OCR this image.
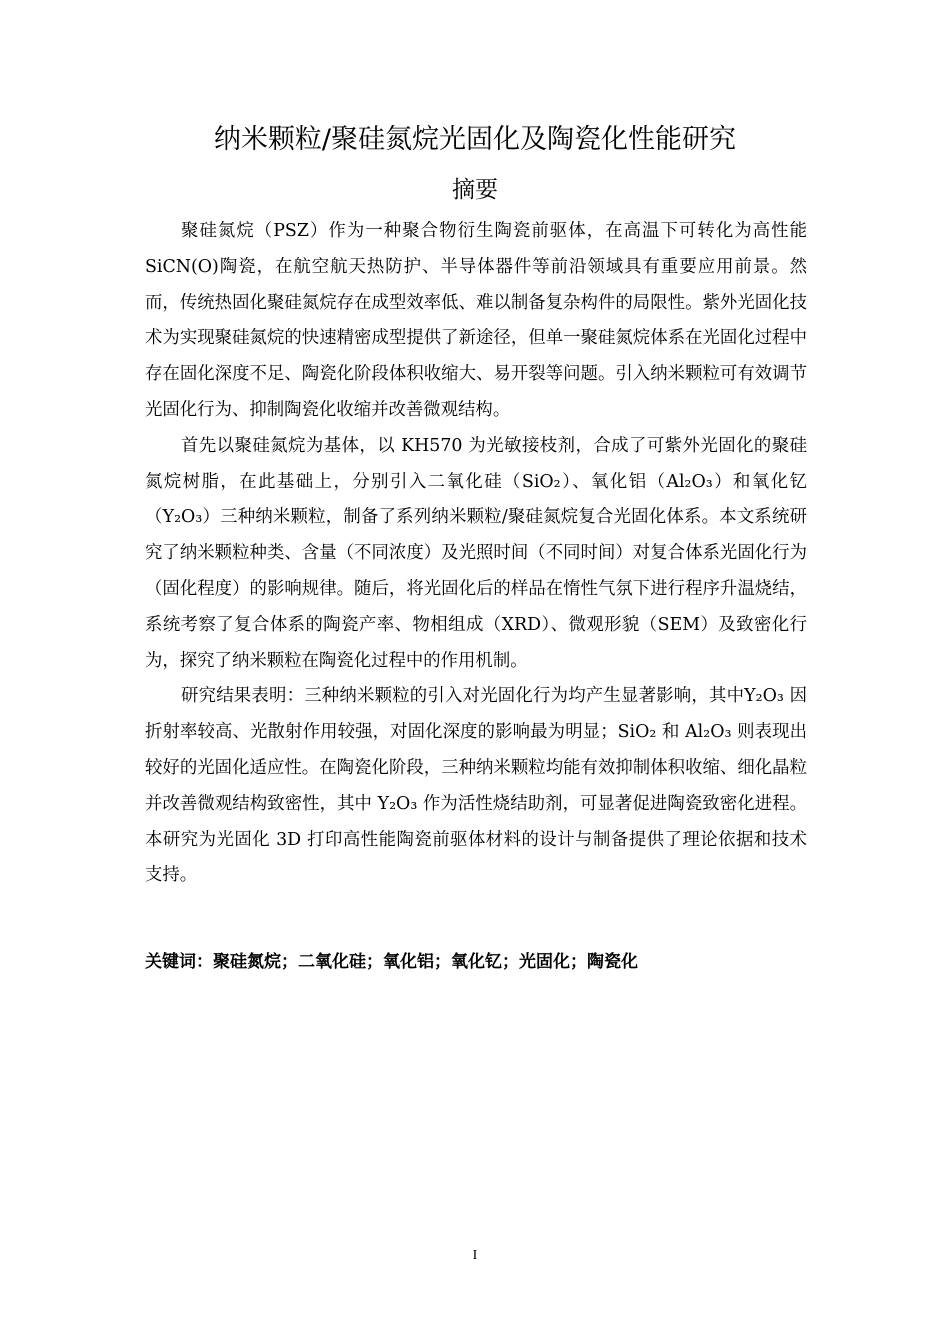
纳米颗粒/聚硅氮烷光固化及陶瓷化性能研究
摘要

聚硅氮烷（PSZ）作为一种聚合物衍生陶瓷前驱体，在高温下可转化为高性能 SiCN(O)陶瓷，在航空航天热防护、半导体器件等前沿领域具有重要应用前景。然而，传统热固化聚硅氮烷存在成型效率低、难以制备复杂构件的局限性。紫外光固化技术为实现聚硅氮烷的快速精密成型提供了新途径，但单一聚硅氮烷体系在光固化过程中存在固化深度不足、陶瓷化阶段体积收缩大、易开裂等问题。引入纳米颗粒可有效调节光固化行为、抑制陶瓷化收缩并改善微观结构。

首先以聚硅氮烷为基体，以 KH570 为光敏接枝剂，合成了可紫外光固化的聚硅氮烷树脂，在此基础上，分别引入二氧化硅（SiO₂）、氧化铝（Al₂O₃）和氧化钇（Y₂O₃）三种纳米颗粒，制备了系列纳米颗粒/聚硅氮烷复合光固化体系。本文系统研究了纳米颗粒种类、含量（不同浓度）及光照时间（不同时间）对复合体系光固化行为（固化程度）的影响规律。随后，将光固化后的样品在惰性气氛下进行程序升温烧结，系统考察了复合体系的陶瓷产率、物相组成（XRD）、微观形貌（SEM）及致密化行为，探究了纳米颗粒在陶瓷化过程中的作用机制。

研究结果表明：三种纳米颗粒的引入对光固化行为均产生显著影响，其中Y₂O₃ 因折射率较高、光散射作用较强，对固化深度的影响最为明显；SiO₂ 和 Al₂O₃ 则表现出较好的光固化适应性。在陶瓷化阶段，三种纳米颗粒均能有效抑制体积收缩、细化晶粒并改善微观结构致密性，其中 Y₂O₃ 作为活性烧结助剂，可显著促进陶瓷致密化进程。本研究为光固化 3D 打印高性能陶瓷前驱体材料的设计与制备提供了理论依据和技术支持。

关键词：聚硅氮烷；二氧化硅；氧化铝；氧化钇；光固化；陶瓷化

I
